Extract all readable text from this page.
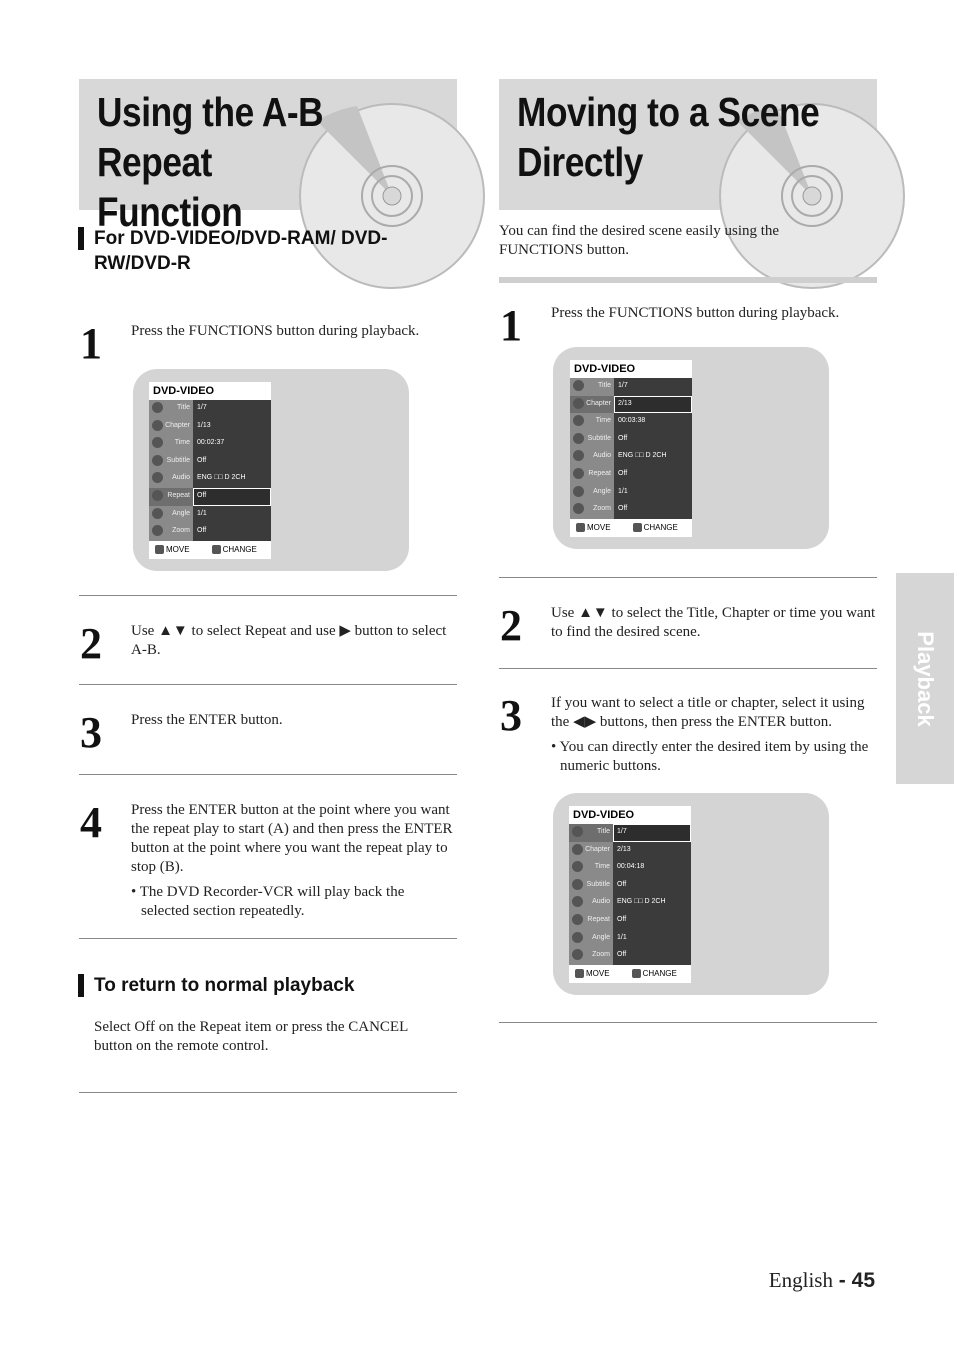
Using the A-B Repeat
Function
Moving to a Scene
Directly
For DVD-VIDEO/DVD-RAM/ DVD-
RW/DVD-R
1 Press the FUNCTIONS button during playback.
DVD-VIDEO
Title 1/7
Chapter 1/13
Time 00:02:37
Subtitle Off
Audio ENG □□ D 2CH
Repeat Off
Angle 1/1
Zoom Off
MOVE	CHANGE
2 Use ▲▼ to select Repeat and use ▶ button to select
A-B.
3 Press the ENTER button.
4 Press the ENTER button at the point where you want the repeat play to start (A) and then press the ENTER button at the point where you want the repeat play to stop (B).
• The DVD Recorder-VCR will play back the selected section repeatedly.
To return to normal playback
Select Off on the Repeat item or press the CANCEL button on the remote control.
You can find the desired scene easily using the FUNCTIONS button.
1 Press the FUNCTIONS button during playback.
DVD-VIDEO
Title 1/7
Chapter 2/13
Time 00:03:38
Subtitle Off
Audio ENG □□ D 2CH
Repeat Off
Angle 1/1
Zoom Off
MOVE	CHANGE
2 Use ▲▼ to select the Title, Chapter or time you want to find the desired scene.
3 If you want to select a title or chapter, select it using the ◀▶ buttons, then press the ENTER button.
• You can directly enter the desired item by using the numeric buttons.
DVD-VIDEO
Title 1/7
Chapter 2/13
Time 00:04:18
Subtitle Off
Audio ENG □□ D 2CH
Repeat Off
Angle 1/1
Zoom Off
MOVE	CHANGE
Playback
English - 45
